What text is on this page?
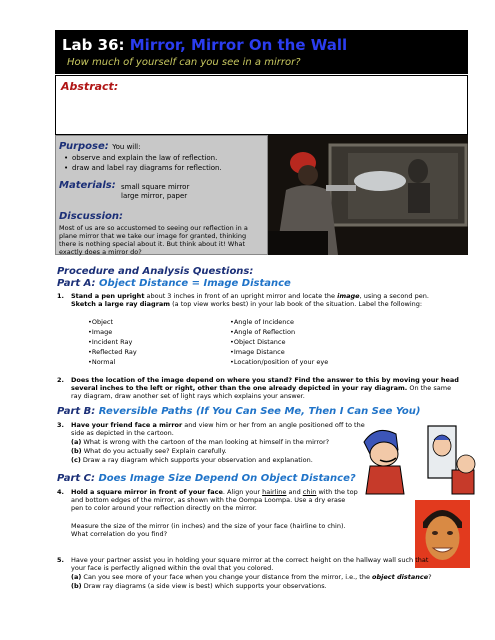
Lab 36: Mirror, Mirror On the Wall
How much of yourself can you see in a mirror?
Abstract:
Purpose: You will:
• observe and explain the law of reflection.
• draw and label ray diagrams for reflection.
Materials: small square mirror
large mirror, paper
Discussion:
Most of us are so accustomed to seeing our reflection in a plane mirror that we take our image for granted, thinking there is nothing special about it. But think about it! What exactly does a mirror do?
Procedure and Analysis Questions:
Part A: Object Distance = Image Distance
1. Stand a pen upright about 3 inches in front of an upright mirror and locate the image, using a second pen.
Sketch a large ray diagram (a top view works best) in your lab book of the situation. Label the following:
• Object
• Image
• Incident Ray
• Reflected Ray
• Normal
• Angle of Incidence
• Angle of Reflection
• Object Distance
• Image Distance
• Location/position of your eye
2. Does the location of the image depend on where you stand? Find the answer to this by moving your head
several inches to the left or right, other than the one already depicted in your ray diagram. On the same
ray diagram, draw another set of light rays which explains your answer.
Part B: Reversible Paths (If You Can See Me, Then I Can See You)
3. Have your friend face a mirror and view him or her from an angle positioned off to the
side as depicted in the cartoon.
(a) What is wrong with the cartoon of the man looking at himself in the mirror?
(b) What do you actually see? Explain carefully.
(c) Draw a ray diagram which supports your observation and explanation.
Part C: Does Image Size Depend On Object Distance?
4. Hold a square mirror in front of your face. Align your hairline and chin with the top
and bottom edges of the mirror, as shown with the Oompa Loompa. Use a dry erase
pen to color around your reflection directly on the mirror.
Measure the size of the mirror (in inches) and the size of your face (hairline to chin).
What correlation do you find?
5. Have your partner assist you in holding your square mirror at the correct height on the hallway wall such that
your face is perfectly aligned within the oval that you colored.
(a) Can you see more of your face when you change your distance from the mirror, i.e., the object distance?
(b) Draw ray diagrams (a side view is best) which supports your observations.
